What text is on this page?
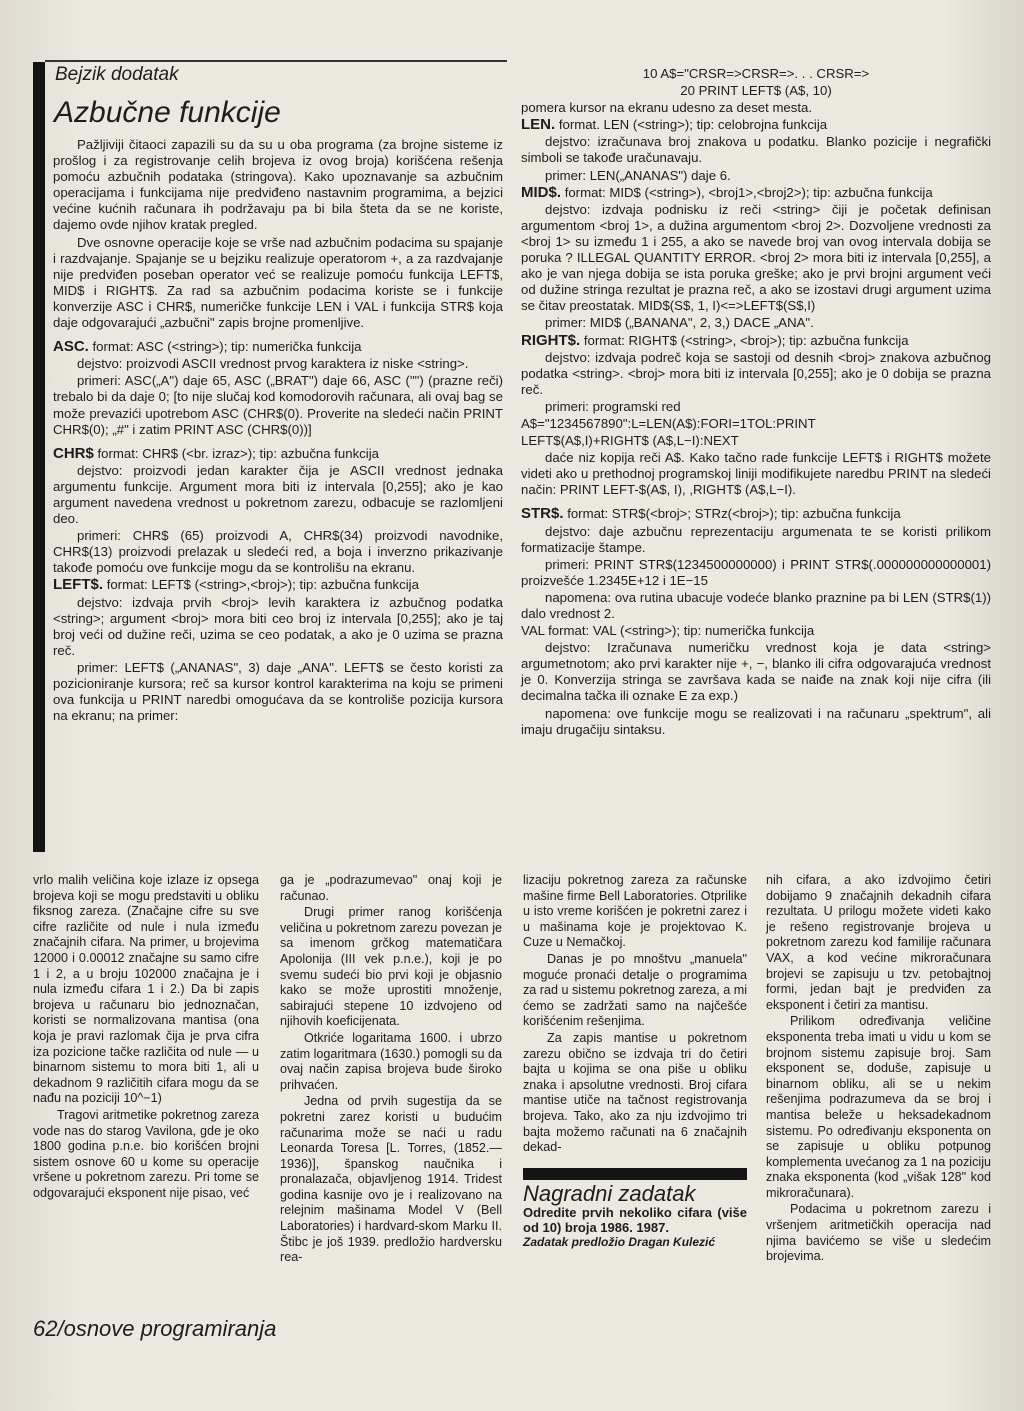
Bejzik dodatak
Azbučne funkcije

Pažljiviji čitaoci zapazili su da su u oba programa (za brojne sisteme iz prošlog i za registrovanje celih brojeva iz ovog broja) korišćena rešenja pomoću azbučnih podataka (stringova). Kako upoznavanje sa azbučnim operacijama i funkcijama nije predviđeno nastavnim programima, a bejzici većine kućnih računara ih podržavaju pa bi bila šteta da se ne koriste, dajemo ovde njihov kratak pregled.

Dve osnovne operacije koje se vrše nad azbučnim podacima su spajanje i razdvajanje. Spajanje se u bejziku realizuje operatorom +, a za razdvajanje nije predviđen poseban operator već se realizuje pomoću funkcija LEFT$, MID$ i RIGHT$. Za rad sa azbučnim podacima koriste se i funkcije konverzije ASC i CHR$, numeričke funkcije LEN i VAL i funkcija STR$ koja daje odgovarajući „azbučni" zapis brojne promenljive.

ASC. format: ASC (<string>); tip: numerička funkcija

dejstvo: proizvodi ASCII vrednost prvog karaktera iz niske <string>.

primeri: ASC(„A") daje 65, ASC („BRAT") daje 66, ASC ("") (prazne reči) trebalo bi da daje 0; [to nije slučaj kod komodorovih računara, ali ovaj bag se može prevazići upotrebom ASC (CHR$(0). Proverite na sledeći način PRINT CHR$(0); „#" i zatim PRINT ASC (CHR$(0))]

CHR$ format: CHR$ (<br. izraz>); tip: azbučna funkcija

dejstvo: proizvodi jedan karakter čija je ASCII vrednost jednaka argumentu funkcije. Argument mora biti iz intervala [0,255]; ako je kao argument navedena vrednost u pokretnom zarezu, odbacuje se razlomljeni deo.

primeri: CHR$ (65) proizvodi A, CHR$(34) proizvodi navodnike, CHR$(13) proizvodi prelazak u sledeći red, a boja i inverzno prikazivanje takođe pomoću ove funkcije mogu da se kontrolišu na ekranu.

LEFT$. format: LEFT$ (<string>,<broj>); tip: azbučna funkcija

dejstvo: izdvaja prvih <broj> levih karaktera iz azbučnog podatka <string>; argument <broj> mora biti ceo broj iz intervala [0,255]; ako je taj broj veći od dužine reči, uzima se ceo podatak, a ako je 0 uzima se prazna reč.

primer: LEFT$ („ANANAS", 3) daje „ANA". LEFT$ se često koristi za pozicioniranje kursora; reč sa kursor kontrol karakterima na koju se primeni ova funkcija u PRINT naredbi omogućava da se kontroliše pozicija kursora na ekranu; na primer:

10 A$="CRSR=>CRSR=>. . . CRSR=>

20 PRINT LEFT$ (A$, 10)

pomera kursor na ekranu udesno za deset mesta.

LEN. format. LEN (<string>); tip: celobrojna funkcija

dejstvo: izračunava broj znakova u podatku. Blanko pozicije i negrafički simboli se takođe uračunavaju.

primer: LEN(„ANANAS") daje 6.

MID$. format: MID$ (<string>), <broj1>,<broj2>); tip: azbučna funkcija

dejstvo: izdvaja podnisku iz reči <string> čiji je početak definisan argumentom <broj 1>, a dužina argumentom <broj 2>. Dozvoljene vrednosti za <broj 1> su između 1 i 255, a ako se navede broj van ovog intervala dobija se poruka ? ILLEGAL QUANTITY ERROR. <broj 2> mora biti iz intervala [0,255], a ako je van njega dobija se ista poruka greške; ako je prvi brojni argument veći od dužine stringa rezultat je prazna reč, a ako se izostavi drugi argument uzima se čitav preostatak. MID$(S$, 1, I)<=>LEFT$(S$,I)

primer: MID$ („BANANA", 2, 3,) DACE „ANA".

RIGHT$. format: RIGHT$ (<string>, <broj>); tip: azbučna funkcija

dejstvo: izdvaja podreč koja se sastoji od desnih <broj> znakova azbučnog podatka <string>. <broj> mora biti iz intervala [0,255]; ako je 0 dobija se prazna reč.

primeri: programski red

A$="1234567890":L=LEN(A$):FORI=1TOL:PRINT

LEFT$(A$,I)+RIGHT$ (A$,L−I):NEXT

daće niz kopija reči A$. Kako tačno rade funkcije LEFT$ i RIGHT$ možete videti ako u prethodnoj programskoj liniji modifikujete naredbu PRINT na sledeći način: PRINT LEFT-$(A$, I), ,RIGHT$ (A$,L−I).

STR$. format: STR$(<broj>; STRz(<broj>); tip: azbučna funkcija

dejstvo: daje azbučnu reprezentaciju argumenata te se koristi prilikom formatizacije štampe.

primeri: PRINT STR$(1234500000000) i PRINT STR$(.000000000000001) proizvešće 1.2345E+12 i 1E−15

napomena: ova rutina ubacuje vodeće blanko praznine pa bi LEN (STR$(1)) dalo vrednost 2.

VAL format: VAL (<string>); tip: numerička funkcija

dejstvo: Izračunava numeričku vrednost koja je data <string> argumetnotom; ako prvi karakter nije +, −, blanko ili cifra odgovarajuća vrednost je 0. Konverzija stringa se završava kada se naiđe na znak koji nije cifra (ili decimalna tačka ili oznake E za exp.)

napomena: ove funkcije mogu se realizovati i na računaru „spektrum", ali imaju drugačiju sintaksu.

vrlo malih veličina koje izlaze iz opsega brojeva koji se mogu predstaviti u obliku fiksnog zareza. (Značajne cifre su sve cifre različite od nule i nula između značajnih cifara. Na primer, u brojevima 12000 i 0.00012 značajne su samo cifre 1 i 2, a u broju 102000 značajna je i nula između cifara 1 i 2.) Da bi zapis brojeva u računaru bio jednoznačan, koristi se normalizovana mantisa (ona koja je pravi razlomak čija je prva cifra iza pozicione tačke različita od nule — u binarnom sistemu to mora biti 1, ali u dekadnom 9 različitih cifara mogu da se nađu na poziciji 10^−1)

Tragovi aritmetike pokretnog zareza vode nas do starog Vavilona, gde je oko 1800 godina p.n.e. bio korišćen brojni sistem osnove 60 u kome su operacije vršene u pokretnom zarezu. Pri tome se odgovarajući eksponent nije pisao, već

ga je „podrazumevao" onaj koji je računao.

Drugi primer ranog korišćenja veličina u pokretnom zarezu povezan je sa imenom grčkog matematičara Apolonija (III vek p.n.e.), koji je po svemu sudeći bio prvi koji je objasnio kako se može uprostiti množenje, sabirajući stepene 10 izdvojeno od njihovih koeficijenata.

Otkriće logaritama 1600. i ubrzo zatim logaritmara (1630.) pomogli su da ovaj način zapisa brojeva bude široko prihvaćen.

Jedna od prvih sugestija da se pokretni zarez koristi u budućim računarima može se naći u radu Leonarda Toresa [L. Torres, (1852.—1936)], španskog naučnika i pronalazača, objavljenog 1914. Tridest godina kasnije ovo je i realizovano na relejnim mašinama Model V (Bell Laboratories) i hardvard-skom Marku II. Štibc je još 1939. predložio hardversku rea-

lizaciju pokretnog zareza za računske mašine firme Bell Laboratories. Otprilike u isto vreme korišćen je pokretni zarez i u mašinama koje je projektovao K. Cuze u Nemačkoj.

Danas je po mnoštvu „manuela" moguće pronaći detalje o programima za rad u sistemu pokretnog zareza, a mi ćemo se zadržati samo na najčešće korišćenim rešenjima.

Za zapis mantise u pokretnom zarezu obično se izdvaja tri do četiri bajta u kojima se ona piše u obliku znaka i apsolutne vrednosti. Broj cifara mantise utiče na tačnost registrovanja brojeva. Tako, ako za nju izdvojimo tri bajta možemo računati na 6 značajnih dekad-

Nagradni zadatak
Odredite prvih nekoliko cifara (više od 10) broja 1986. 1987.
Zadatak predložio Dragan Kulezić

nih cifara, a ako izdvojimo četiri dobijamo 9 značajnih dekadnih cifara rezultata. U prilogu možete videti kako je rešeno registrovanje brojeva u pokretnom zarezu kod familije računara VAX, a kod većine mikroračunara brojevi se zapisuju u tzv. petobajtnoj formi, jedan bajt je predviđen za eksponent i četiri za mantisu.

Prilikom određivanja veličine eksponenta treba imati u vidu u kom se brojnom sistemu zapisuje broj. Sam eksponent se, doduše, zapisuje u binarnom obliku, ali se u nekim rešenjima podrazumeva da se broj i mantisa beleže u heksadekadnom sistemu. Po određivanju eksponenta on se zapisuje u obliku potpunog komplementa uvećanog za 1 na poziciju znaka eksponenta (kod „višak 128" kod mikroračunara).

Podacima u pokretnom zarezu i vršenjem aritmetičkih operacija nad njima bavićemo se više u sledećim brojevima.

62/osnove programiranja
